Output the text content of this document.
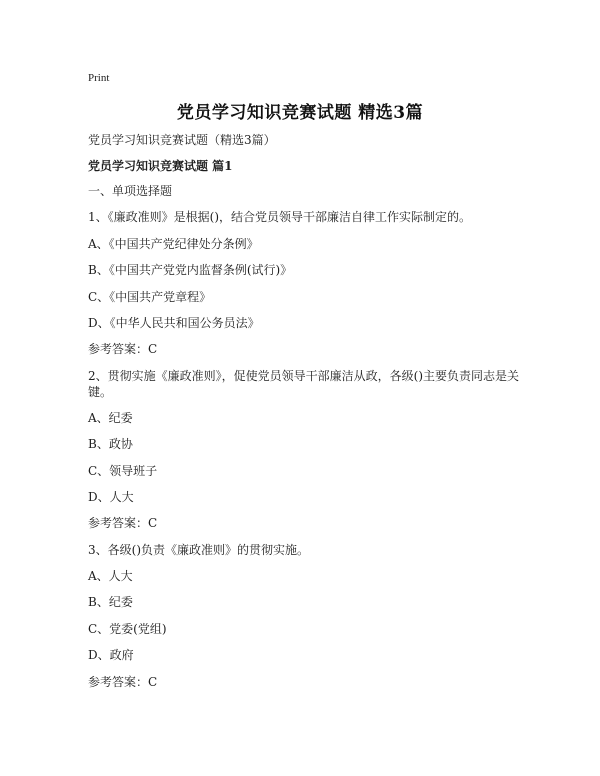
Print
党员学习知识竞赛试题 精选3篇

党员学习知识竞赛试题（精选3篇）

党员学习知识竞赛试题 篇1

一、单项选择题

1、《廉政准则》是根据()，结合党员领导干部廉洁自律工作实际制定的。

A、《中国共产党纪律处分条例》

B、《中国共产党党内监督条例(试行)》

C、《中国共产党章程》

D、《中华人民共和国公务员法》

参考答案：C

2、贯彻实施《廉政准则》，促使党员领导干部廉洁从政，各级()主要负责同志是关键。

A、纪委

B、政协

C、领导班子

D、人大

参考答案：C

3、各级()负责《廉政准则》的贯彻实施。

A、人大

B、纪委

C、党委(党组)

D、政府

参考答案：C
